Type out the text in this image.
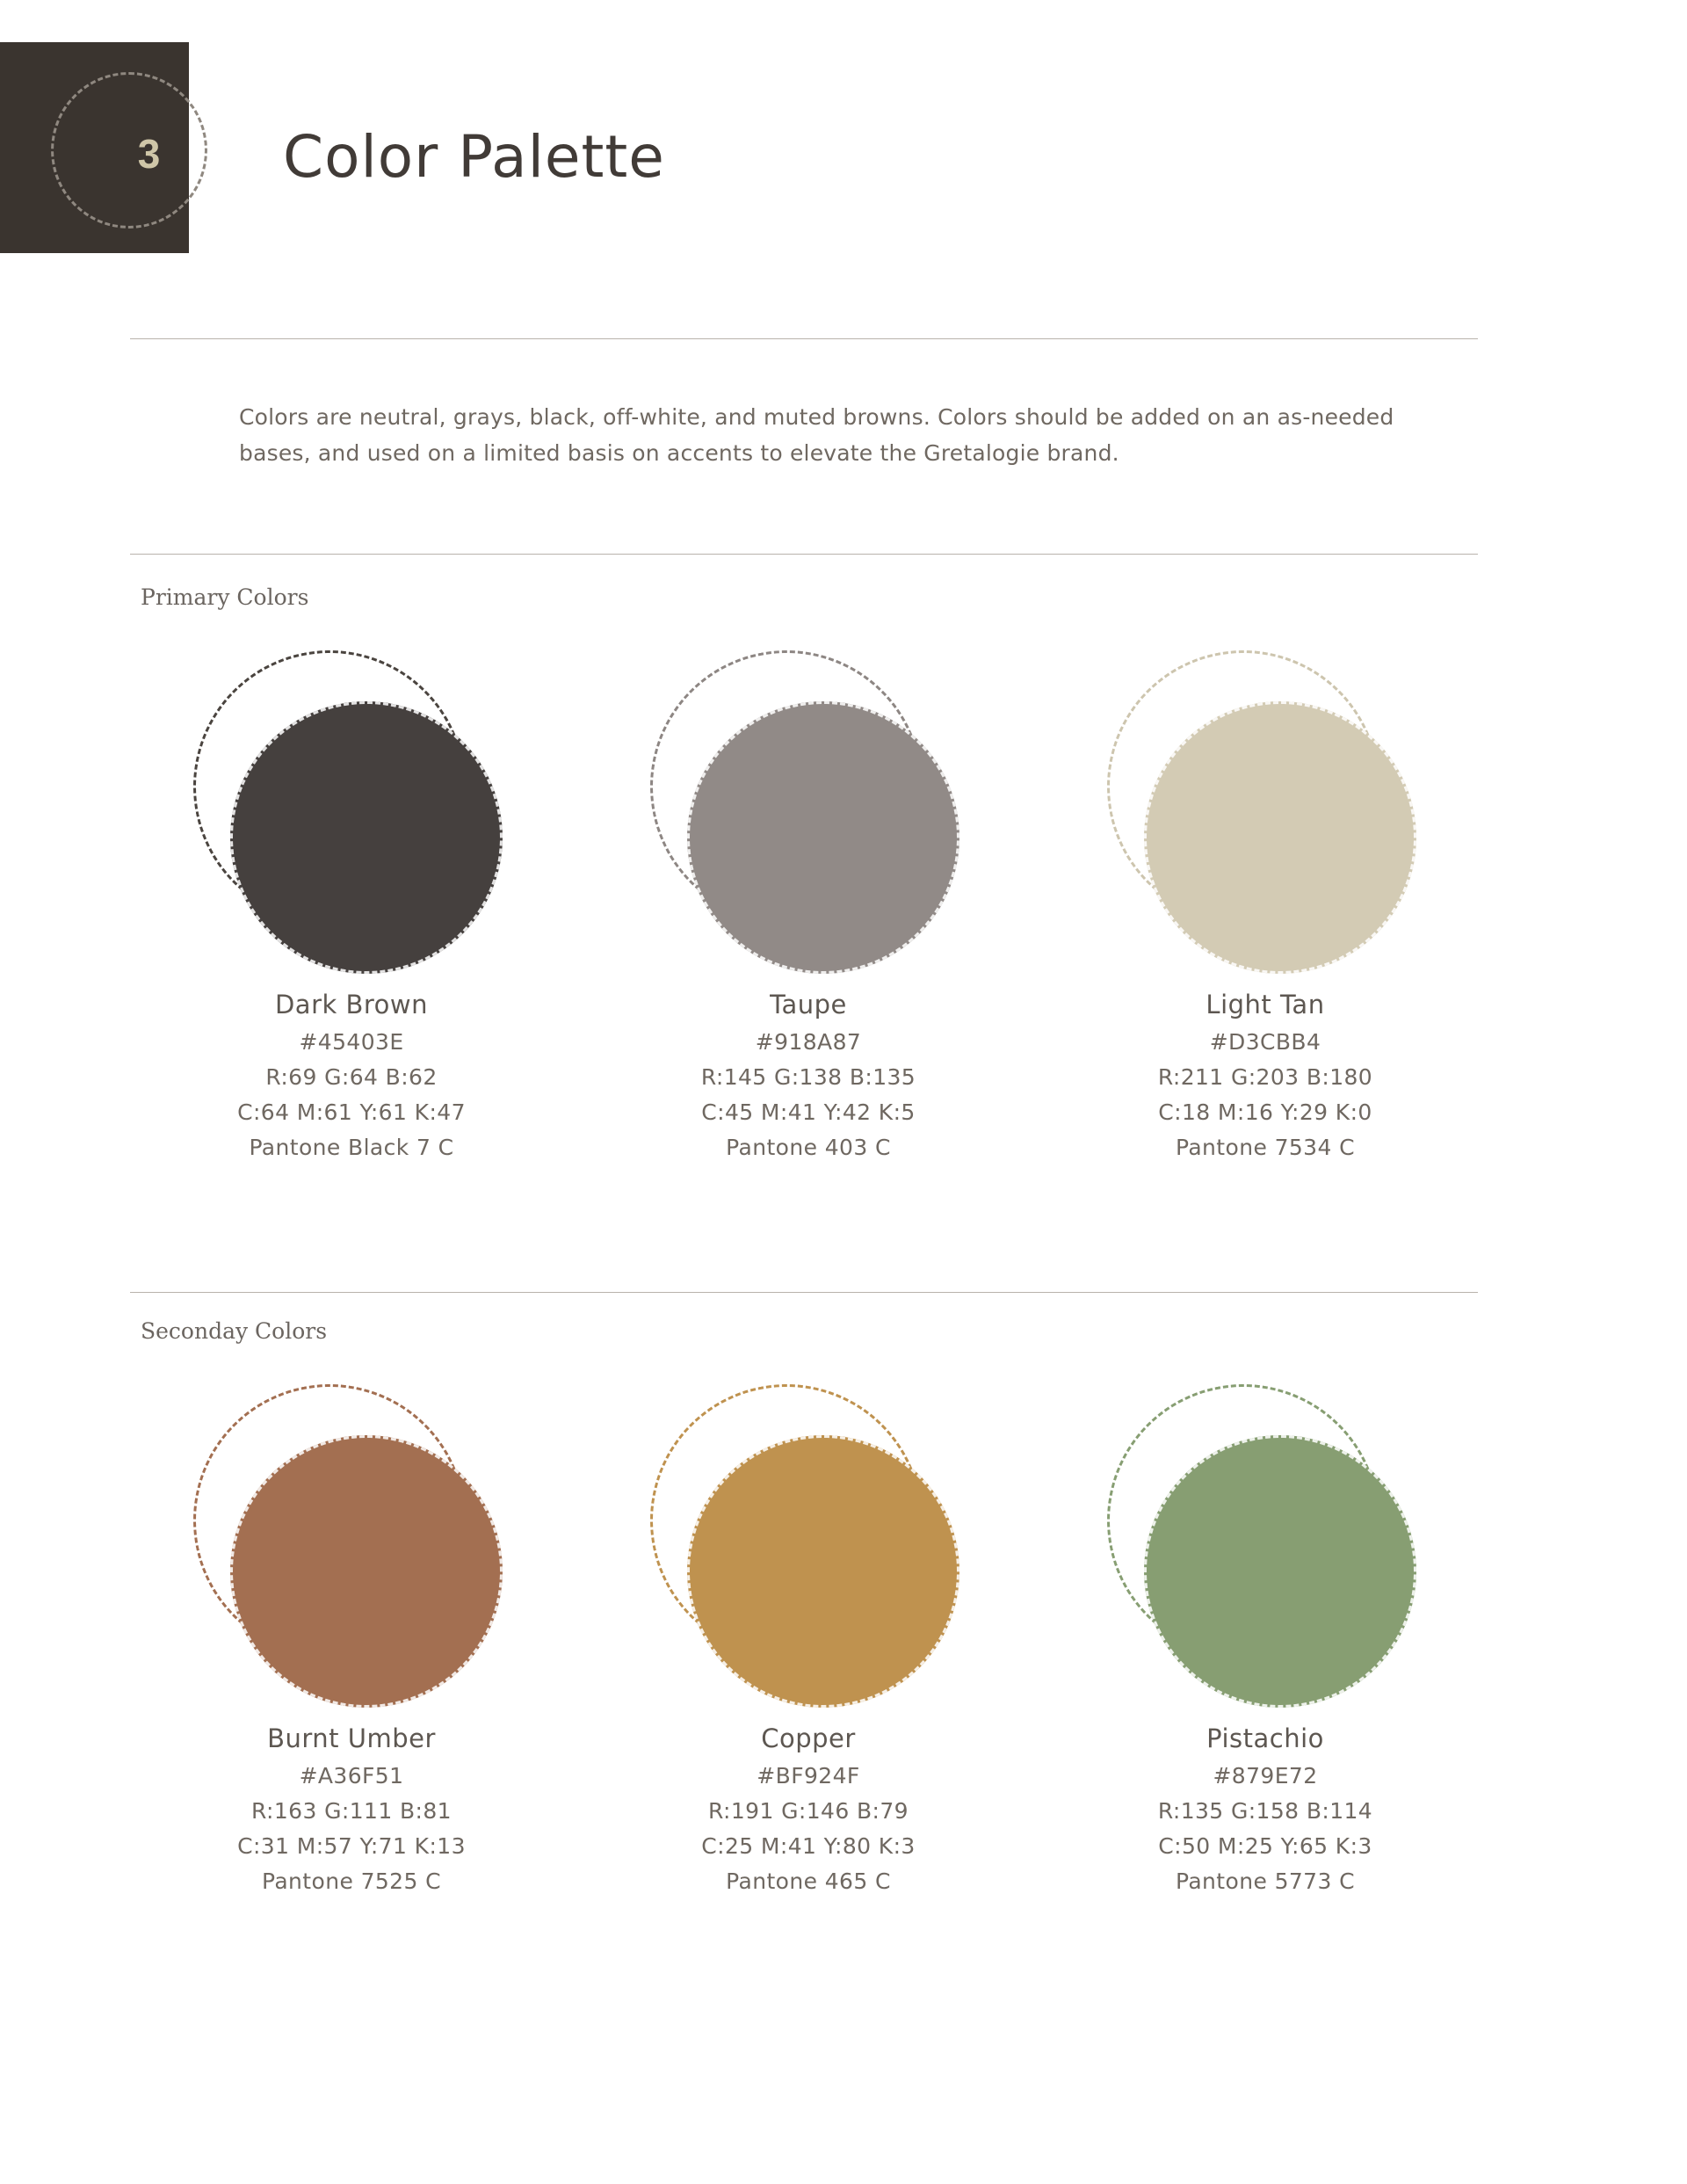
3 Color Palette
Colors are neutral, grays, black, off-white, and muted browns. Colors should be added on an as-needed bases, and used on a limited basis on accents to elevate the Gretalogie brand.
Primary Colors
Dark Brown
#45403E
R:69 G:64 B:62
C:64 M:61 Y:61 K:47
Pantone Black 7 C
Taupe
#918A87
R:145 G:138 B:135
C:45 M:41 Y:42 K:5
Pantone 403 C
Light Tan
#D3CBB4
R:211 G:203 B:180
C:18 M:16 Y:29 K:0
Pantone 7534 C
Seconday Colors
Burnt Umber
#A36F51
R:163 G:111 B:81
C:31 M:57 Y:71 K:13
Pantone 7525 C
Copper
#BF924F
R:191 G:146 B:79
C:25 M:41 Y:80 K:3
Pantone 465 C
Pistachio
#879E72
R:135 G:158 B:114
C:50 M:25 Y:65 K:3
Pantone 5773 C
